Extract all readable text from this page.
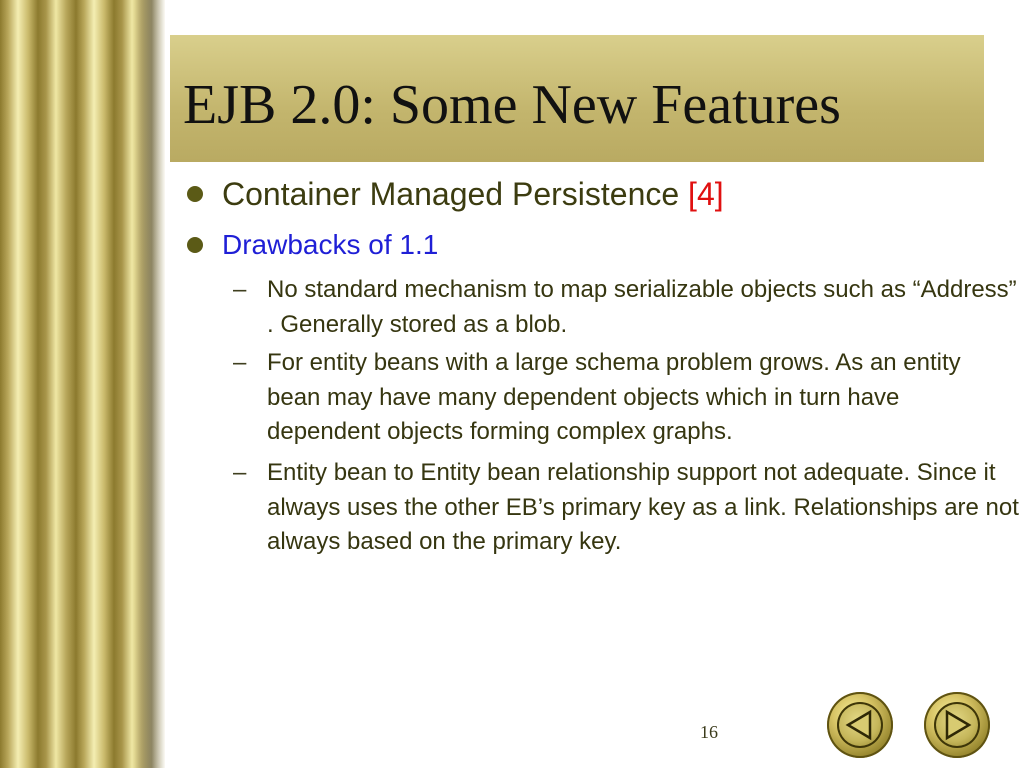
EJB 2.0: Some New Features
Container Managed Persistence [4]
Drawbacks of 1.1
– No standard mechanism to map serializable objects such as “Address” . Generally stored as a blob.
– For entity beans with a large schema problem grows. As an entity bean may have many dependent objects which in turn have dependent objects forming complex graphs.
– Entity bean to Entity bean relationship support not adequate. Since it always uses the other EB’s primary key as a link. Relationships are not always based on the primary key.
16
